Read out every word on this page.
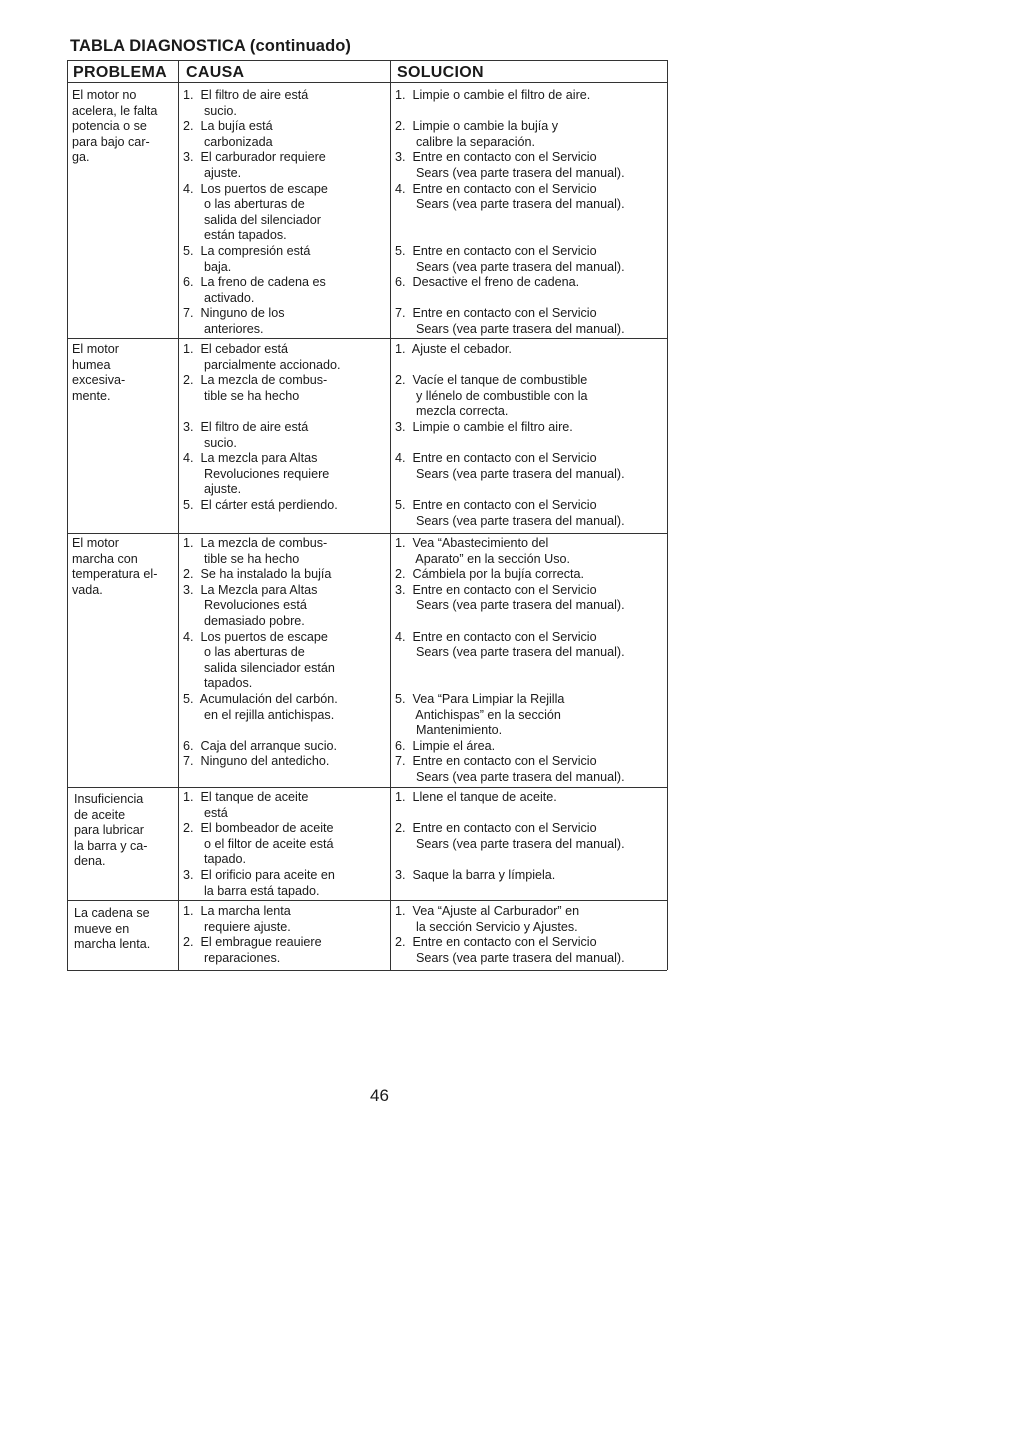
TABLA DIAGNOSTICA (continuado)
PROBLEMA CAUSA	SOLUCION
El motor no
acelera, le falta
potencia o se
para bajo car-
ga.
1.  El filtro de aire está
sucio.
2.  La bujía está
carbonizada
3.  El carburador requiere
ajuste.
4.  Los puertos de escape
o las aberturas de
salida del silenciador
están tapados.
5.  La compresión está
baja.
6.  La freno de cadena es
activado.
7.  Ninguno de los
anteriores.
1.  Limpie o cambie el filtro de aire.

2.  Limpie o cambie la bujía y
calibre la separación.
3.  Entre en contacto con el Servicio
Sears (vea parte trasera del manual).
4.  Entre en contacto con el Servicio
Sears (vea parte trasera del manual).

5.  Entre en contacto con el Servicio
Sears (vea parte trasera del manual).
6.  Desactive el freno de cadena.

7.  Entre en contacto con el Servicio
Sears (vea parte trasera del manual).
El motor
humea
excesiva-
mente.
1.  El cebador está
parcialmente accionado.
2.  La mezcla de combus-
tible se ha hecho

3.  El filtro de aire está
sucio.
4.  La mezcla para Altas
Revoluciones requiere
ajuste.
5.  El cárter está perdiendo.
1.  Ajuste el cebador.

2.  Vacíe el tanque de combustible
y llénelo de combustible con la
mezcla correcta.
3.  Limpie o cambie el filtro aire.

4.  Entre en contacto con el Servicio
Sears (vea parte trasera del manual).

5.  Entre en contacto con el Servicio
Sears (vea parte trasera del manual).
El motor
marcha con
temperatura el-
vada.
1.  La mezcla de combus-
tible se ha hecho
2.  Se ha instalado la bujía
3.  La Mezcla para Altas
Revoluciones está
demasiado pobre.
4.  Los puertos de escape
o las aberturas de
salida silenciador están
tapados.
5.  Acumulación del carbón.
en el rejilla antichispas.

6.  Caja del arranque sucio.
7.  Ninguno del antedicho.
1.  Vea “Abastecimiento del
Aparato” en la sección Uso.
2.  Cámbiela por la bujía correcta.
3.  Entre en contacto con el Servicio
Sears (vea parte trasera del manual).

4.  Entre en contacto con el Servicio
Sears (vea parte trasera del manual).

5.  Vea “Para Limpiar la Rejilla
Antichispas” en la sección
Mantenimiento.
6.  Limpie el área.
7.  Entre en contacto con el Servicio
Sears (vea parte trasera del manual).
Insuficiencia
de aceite
para lubricar
la barra y ca-
dena.
1.  El tanque de aceite
está
2.  El bombeador de aceite
o el filtor de aceite está
tapado.
3.  El orificio para aceite en
la barra está tapado.
1.  Llene el tanque de aceite.

2.  Entre en contacto con el Servicio
Sears (vea parte trasera del manual).

3.  Saque la barra y límpiela.
La cadena se
mueve en
marcha lenta.
1.  La marcha lenta
requiere ajuste.
2.  El embrague reauiere
reparaciones.
1.  Vea “Ajuste al Carburador” en
la sección Servicio y Ajustes.
2.  Entre en contacto con el Servicio
Sears (vea parte trasera del manual).
46
